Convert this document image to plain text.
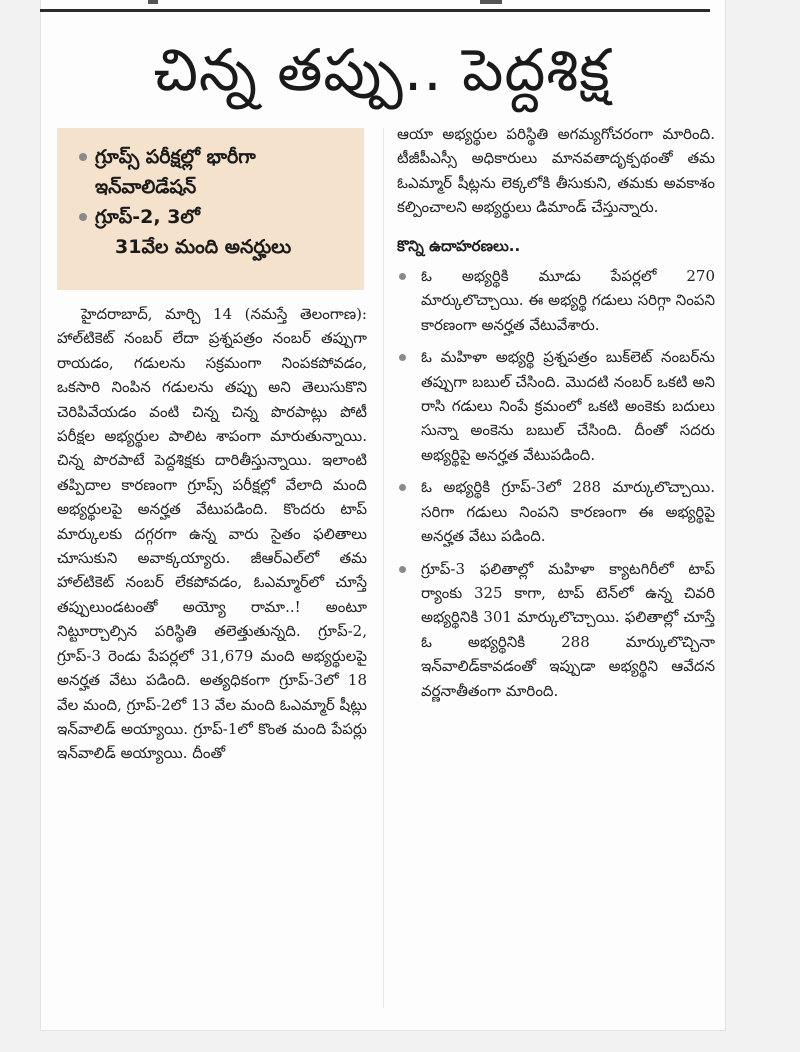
చిన్న తప్పు.. పెద్దశిక్ష
గ్రూప్స్ పరీక్షల్లో భారీగా
ఇన్‌వాలిడేషన్
గ్రూప్-2, 3లో
31వేల మంది అనర్హులు

హైదరాబాద్, మార్చి 14 (నమస్తే తెలంగాణ): హాల్‌టికెట్ నంబర్ లేదా ప్రశ్నపత్రం నంబర్ తప్పుగా రాయడం, గడులను సక్రమంగా నింపకపోవడం, ఒకసారి నింపిన గడులను తప్పు అని తెలుసుకొని చెరిపివేయడం వంటి చిన్న చిన్న పొరపాట్లు పోటీ పరీక్షల అభ్యర్థుల పాలిట శాపంగా మారుతున్నాయి. చిన్న పొరపాటే పెద్దశిక్షకు దారితీస్తున్నాయి. ఇలాంటి తప్పిదాల కారణంగా గ్రూప్స్ పరీక్షల్లో వేలాది మంది అభ్యర్థులపై అనర్హత వేటుపడింది. కొందరు టాప్ మార్కులకు దగ్గరగా ఉన్న వారు సైతం ఫలితాలు చూసుకుని అవాక్కయ్యారు. జీఆర్‌ఎల్‌లో తమ హాల్‌టికెట్ నంబర్ లేకపోవడం, ఓఎమ్మార్‌లో చూస్తే తప్పులుండటంతో అయ్యో రామా..! అంటూ నిట్టూర్చాల్సిన పరిస్థితి తలెత్తుతున్నది. గ్రూప్-2, గ్రూప్-3 రెండు పేపర్లలో 31,679 మంది అభ్యర్థులపై అనర్హత వేటు పడింది. అత్యధికంగా గ్రూప్-3లో 18 వేల మంది, గ్రూప్-2లో 13 వేల మంది ఓఎమ్మార్ షీట్లు ఇన్‌వాలిడ్ అయ్యాయి. గ్రూప్-1లో కొంత మంది పేపర్లు ఇన్‌వాలిడ్ అయ్యాయి. దీంతో

ఆయా అభ్యర్థుల పరిస్థితి అగమ్యగోచరంగా మారింది. టీజీపీఎస్సీ అధికారులు మానవతాదృక్పథంతో తమ ఓఎమ్మార్ షీట్లను లెక్కలోకి తీసుకుని, తమకు అవకాశం కల్పించాలని అభ్యర్థులు డిమాండ్ చేస్తున్నారు.

కొన్ని ఉదాహరణలు..

ఓ అభ్యర్థికి మూడు పేపర్లలో 270 మార్కులొచ్చాయి. ఈ అభ్యర్థి గడులు సరిగ్గా నింపని కారణంగా అనర్హత వేటువేశారు.
ఓ మహిళా అభ్యర్థి ప్రశ్నపత్రం బుక్‌లెట్ నంబర్‌ను తప్పుగా బబుల్ చేసింది. మొదటి నంబర్ ఒకటి అని రాసి గడులు నింపే క్రమంలో ఒకటి అంకెకు బదులు సున్నా అంకెను బబుల్ చేసింది. దీంతో సదరు అభ్యర్థిపై అనర్హత వేటుపడింది.
ఓ అభ్యర్థికి గ్రూప్-3లో 288 మార్కులొచ్చాయి. సరిగా గడులు నింపని కారణంగా ఈ అభ్యర్థిపై అనర్హత వేటు పడింది.
గ్రూప్-3 ఫలితాల్లో మహిళా క్యాటగిరీలో టాప్ ర్యాంకు 325 కాగా, టాప్ టెన్‌లో ఉన్న చివరి అభ్యర్థినికి 301 మార్కులొచ్చాయి. ఫలితాల్లో చూస్తే ఓ అభ్యర్థినికి 288 మార్కులొచ్చినా ఇన్‌వాలిడ్‌కావడంతో ఇప్పుడా అభ్యర్థిని ఆవేదన వర్ణనాతీతంగా మారింది.
